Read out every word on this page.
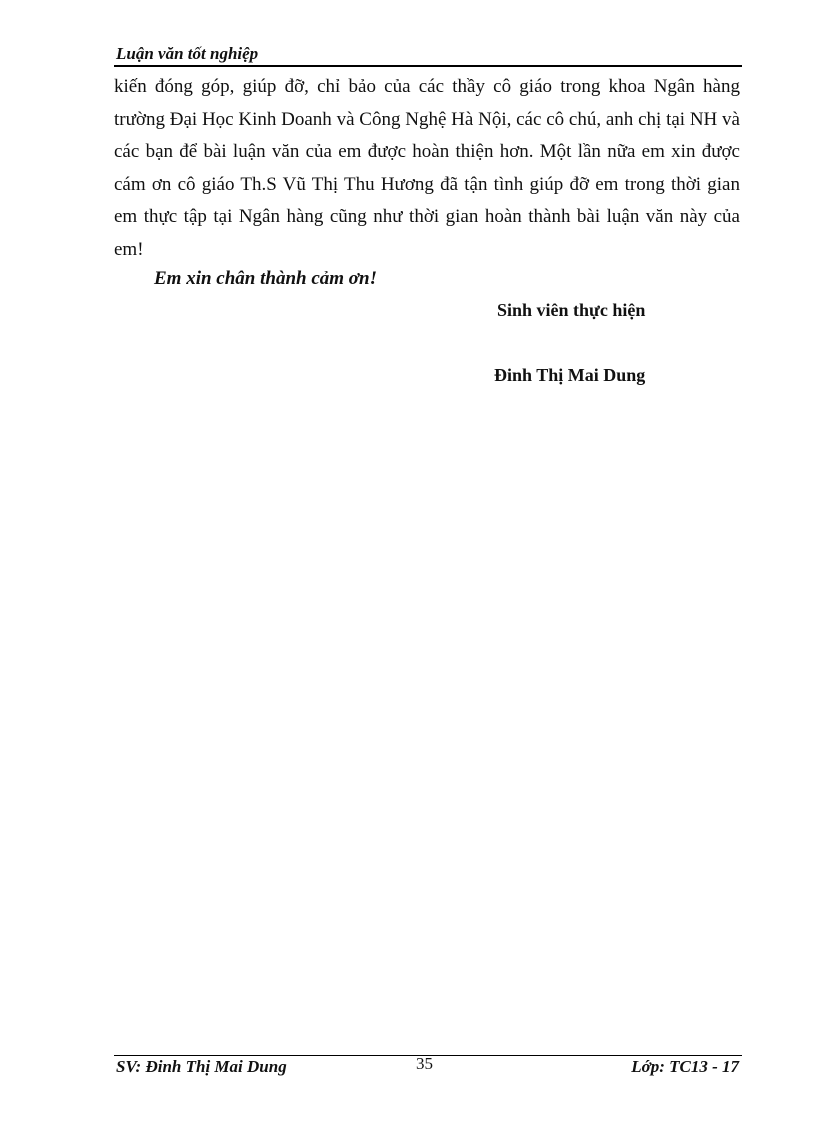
Luận văn tốt nghiệp

kiến đóng góp, giúp đỡ, chỉ bảo của các thầy cô giáo trong khoa Ngân hàng trường Đại Học Kinh Doanh và Công Nghệ Hà Nội, các cô chú, anh chị tại NH và các bạn để bài luận văn của em được hoàn thiện hơn. Một lần nữa em xin được cám ơn cô giáo Th.S Vũ Thị Thu Hương đã tận tình giúp đỡ em trong thời gian em thực tập tại Ngân hàng cũng như thời gian hoàn thành bài luận văn này của em!

Em xin chân thành cảm ơn!
Sinh viên thực hiện
Đinh Thị Mai Dung
SV: Đinh Thị Mai Dung	35	Lớp: TC13 - 17
